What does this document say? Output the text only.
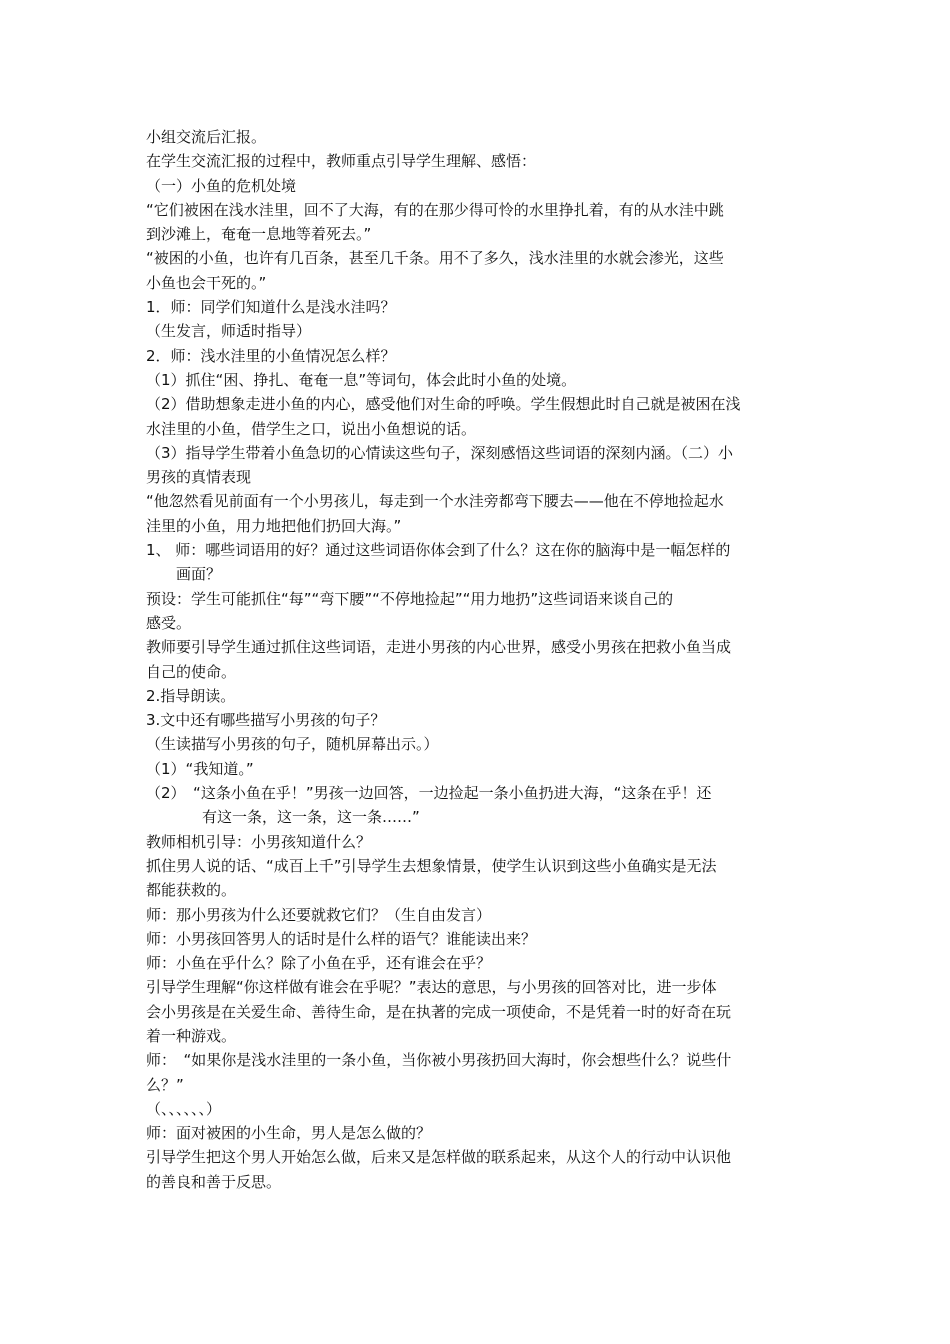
小组交流后汇报。

在学生交流汇报的过程中，教师重点引导学生理解、感悟：

（一）小鱼的危机处境

“它们被困在浅水洼里，回不了大海，有的在那少得可怜的水里挣扎着，有的从水洼中跳

到沙滩上，奄奄一息地等着死去。”

“被困的小鱼，也许有几百条，甚至几千条。用不了多久，浅水洼里的水就会渗光，这些

小鱼也会干死的。”

1．师：同学们知道什么是浅水洼吗？

（生发言，师适时指导）

2．师：浅水洼里的小鱼情况怎么样？

（1）抓住“困、挣扎、奄奄一息”等词句，体会此时小鱼的处境。

（2）借助想象走进小鱼的内心，感受他们对生命的呼唤。学生假想此时自己就是被困在浅

水洼里的小鱼，借学生之口，说出小鱼想说的话。

（3）指导学生带着小鱼急切的心情读这些句子，深刻感悟这些词语的深刻内涵。（二）小

男孩的真情表现

“他忽然看见前面有一个小男孩儿，每走到一个水洼旁都弯下腰去——他在不停地捡起水

洼里的小鱼，用力地把他们扔回大海。”

1、 师：哪些词语用的好？通过这些词语你体会到了什么？这在你的脑海中是一幅怎样的

画面？

预设：学生可能抓住“每”“弯下腰”“不停地捡起”“用力地扔”这些词语来谈自己的

感受。

教师要引导学生通过抓住这些词语，走进小男孩的内心世界，感受小男孩在把救小鱼当成

自己的使命。

2.指导朗读。

3.文中还有哪些描写小男孩的句子？

（生读描写小男孩的句子，随机屏幕出示。）

（1）“我知道。”

（2）　“这条小鱼在乎！”男孩一边回答，一边捡起一条小鱼扔进大海，“这条在乎！还

有这一条，这一条，这一条……”

教师相机引导：小男孩知道什么？

抓住男人说的话、“成百上千”引导学生去想象情景，使学生认识到这些小鱼确实是无法

都能获救的。

师：那小男孩为什么还要就救它们？（生自由发言）

师：小男孩回答男人的话时是什么样的语气？谁能读出来？

师：小鱼在乎什么？除了小鱼在乎，还有谁会在乎？

引导学生理解“你这样做有谁会在乎呢？”表达的意思，与小男孩的回答对比，进一步体

会小男孩是在关爱生命、善待生命，是在执著的完成一项使命，不是凭着一时的好奇在玩

着一种游戏。

师：　“如果你是浅水洼里的一条小鱼，当你被小男孩扔回大海时，你会想些什么？说些什

么？”

（、、、、、、）

师：面对被困的小生命，男人是怎么做的？

引导学生把这个男人开始怎么做，后来又是怎样做的联系起来，从这个人的行动中认识他

的善良和善于反思。
